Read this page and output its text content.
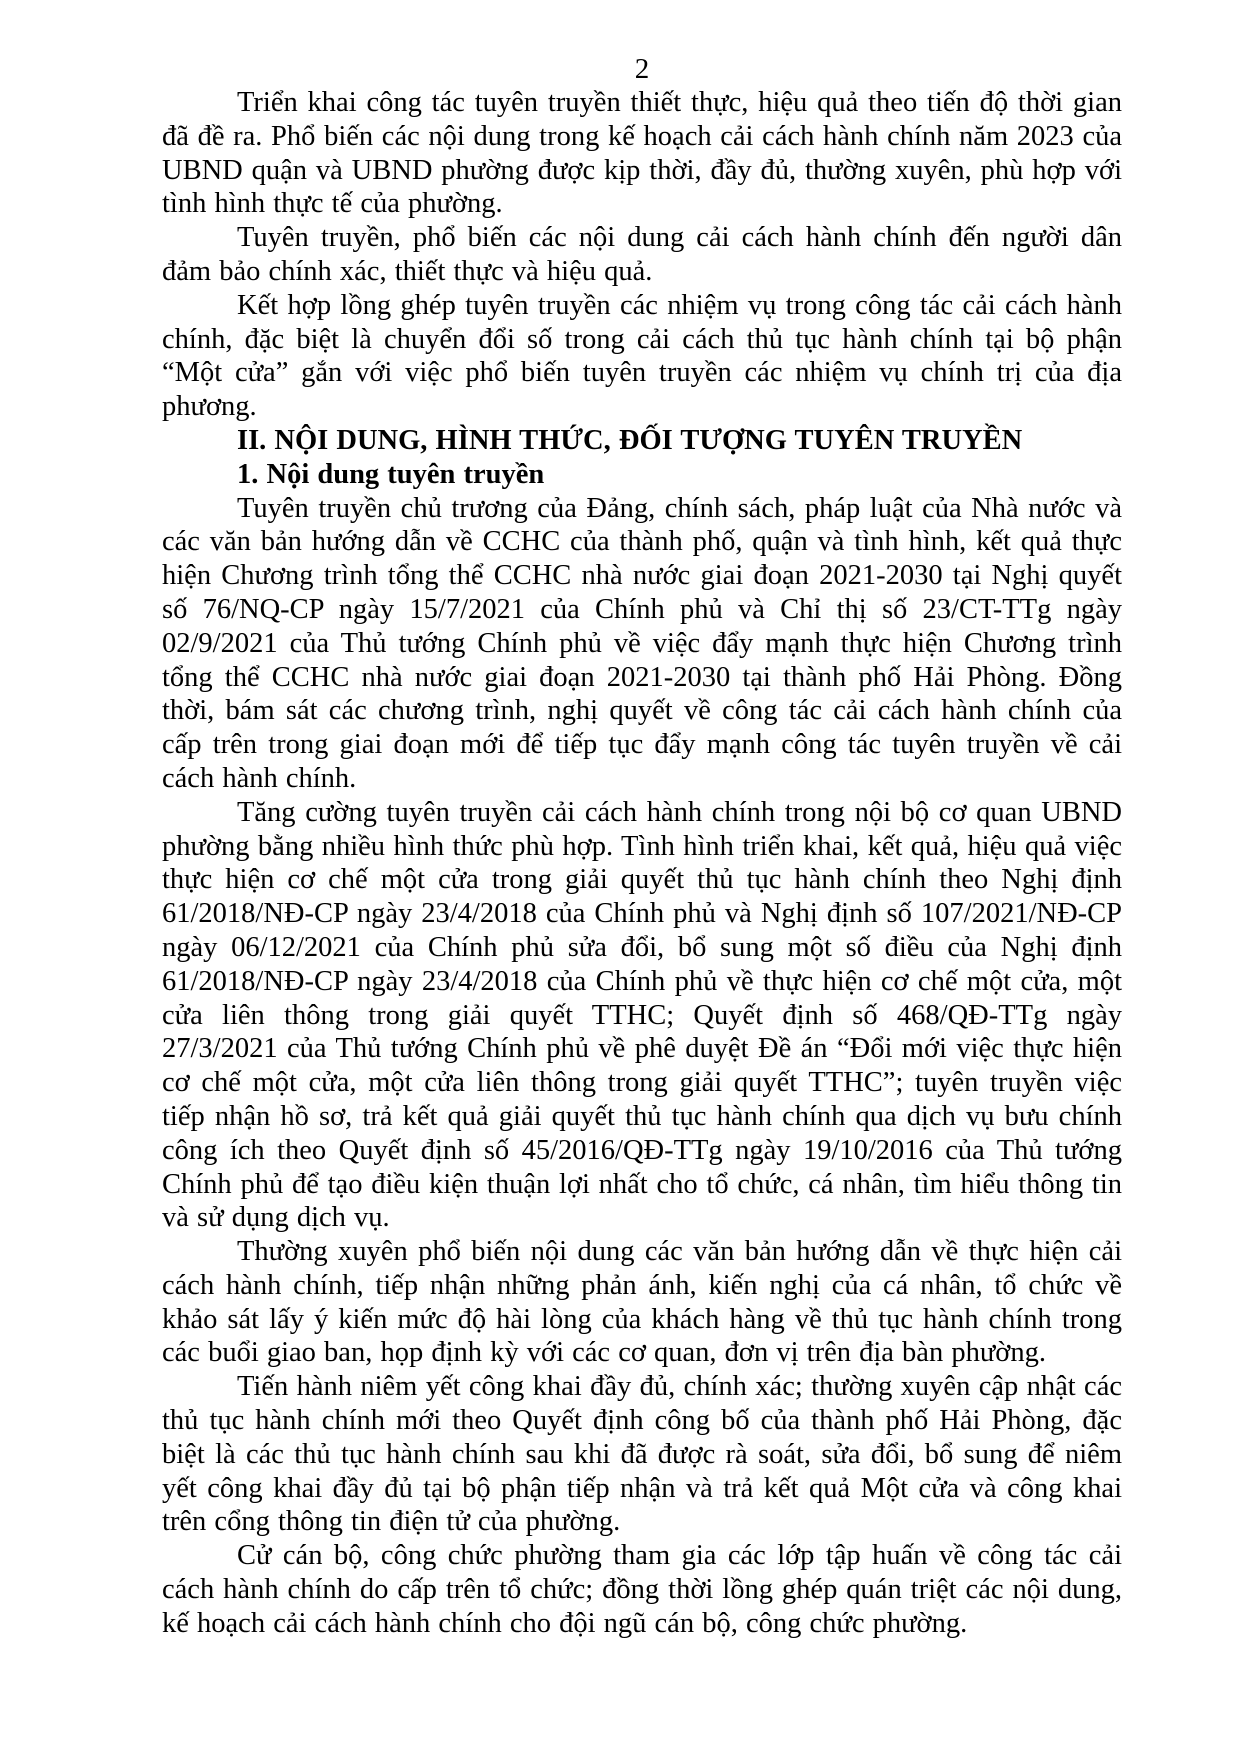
2

Triển khai công tác tuyên truyền thiết thực, hiệu quả theo tiến độ thời gian đã đề ra. Phổ biến các nội dung trong kế hoạch cải cách hành chính năm 2023 của UBND quận và UBND phường được kịp thời, đầy đủ, thường xuyên, phù hợp với tình hình thực tế của phường.

Tuyên truyền, phổ biến các nội dung cải cách hành chính đến người dân đảm bảo chính xác, thiết thực và hiệu quả.

Kết hợp lồng ghép tuyên truyền các nhiệm vụ trong công tác cải cách hành chính, đặc biệt là chuyển đổi số trong cải cách thủ tục hành chính tại bộ phận “Một cửa” gắn với việc phổ biến tuyên truyền các nhiệm vụ chính trị của địa phương.

II. NỘI DUNG, HÌNH THỨC, ĐỐI TƯỢNG TUYÊN TRUYỀN

1. Nội dung tuyên truyền

Tuyên truyền chủ trương của Đảng, chính sách, pháp luật của Nhà nước và các văn bản hướng dẫn về CCHC của thành phố, quận và tình hình, kết quả thực hiện Chương trình tổng thể CCHC nhà nước giai đoạn 2021-2030 tại Nghị quyết số 76/NQ-CP ngày 15/7/2021 của Chính phủ và Chỉ thị số 23/CT-TTg ngày 02/9/2021 của Thủ tướng Chính phủ về việc đẩy mạnh thực hiện Chương trình tổng thể CCHC nhà nước giai đoạn 2021-2030 tại thành phố Hải Phòng. Đồng thời, bám sát các chương trình, nghị quyết về công tác cải cách hành chính của cấp trên trong giai đoạn mới để tiếp tục đẩy mạnh công tác tuyên truyền về cải cách hành chính.

Tăng cường tuyên truyền cải cách hành chính trong nội bộ cơ quan UBND phường bằng nhiều hình thức phù hợp. Tình hình triển khai, kết quả, hiệu quả việc thực hiện cơ chế một cửa trong giải quyết thủ tục hành chính theo Nghị định 61/2018/NĐ-CP ngày 23/4/2018 của Chính phủ và Nghị định số 107/2021/NĐ-CP ngày 06/12/2021 của Chính phủ sửa đổi, bổ sung một số điều của Nghị định 61/2018/NĐ-CP ngày 23/4/2018 của Chính phủ về thực hiện cơ chế một cửa, một cửa liên thông trong giải quyết TTHC; Quyết định số 468/QĐ-TTg ngày 27/3/2021 của Thủ tướng Chính phủ về phê duyệt Đề án “Đổi mới việc thực hiện cơ chế một cửa, một cửa liên thông trong giải quyết TTHC”; tuyên truyền việc tiếp nhận hồ sơ, trả kết quả giải quyết thủ tục hành chính qua dịch vụ bưu chính công ích theo Quyết định số 45/2016/QĐ-TTg ngày 19/10/2016 của Thủ tướng Chính phủ để tạo điều kiện thuận lợi nhất cho tổ chức, cá nhân, tìm hiểu thông tin và sử dụng dịch vụ.

Thường xuyên phổ biến nội dung các văn bản hướng dẫn về thực hiện cải cách hành chính, tiếp nhận những phản ánh, kiến nghị của cá nhân, tổ chức về khảo sát lấy ý kiến mức độ hài lòng của khách hàng về thủ tục hành chính trong các buổi giao ban, họp định kỳ với các cơ quan, đơn vị trên địa bàn phường.

Tiến hành niêm yết công khai đầy đủ, chính xác; thường xuyên cập nhật các thủ tục hành chính mới theo Quyết định công bố của thành phố Hải Phòng, đặc biệt là các thủ tục hành chính sau khi đã được rà soát, sửa đổi, bổ sung để niêm yết công khai đầy đủ tại bộ phận tiếp nhận và trả kết quả Một cửa và công khai trên cổng thông tin điện tử của phường.

Cử cán bộ, công chức phường tham gia các lớp tập huấn về công tác cải cách hành chính do cấp trên tổ chức; đồng thời lồng ghép quán triệt các nội dung, kế hoạch cải cách hành chính cho đội ngũ cán bộ, công chức phường.
